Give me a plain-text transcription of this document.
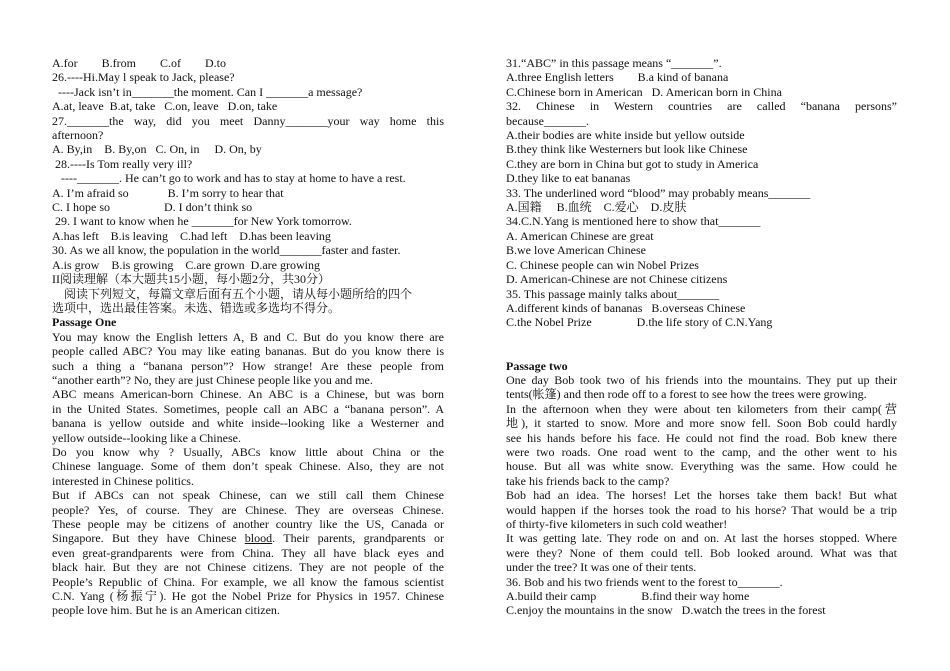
A.for        B.from        C.of        D.to

26.----Hi.May l speak to Jack, please?

----Jack isn’t in_______the moment. Can I _______a message?

A.at, leave  B.at, take   C.on, leave   D.on, take

27._______the way, did you meet Danny_______your way home this

afternoon?

A. By,in    B. By,on   C. On, in     D. On, by

28.----Is Tom really very ill?

----_______. He can’t go to work and has to stay at home to have a rest.

A. I’m afraid so             B. I’m sorry to hear that

C. I hope so                  D. I don’t think so

29. I want to know when he _______for New York tomorrow.

A.has left    B.is leaving    C.had left    D.has been leaving

30. As we all know, the population in the world_______faster and faster.

A.is grow    B.is growing    C.are grown  D.are growing

II阅读理解（本大题共15小题，每小题2分，共30分）

阅读下列短文，每篇文章后面有五个小题，请从每小题所给的四个

选项中，选出最佳答案。未选、错选或多选均不得分。

Passage One

You may know the English letters A, B and C. But do you know there are

people called ABC? You may like eating bananas. But do you know there is

such a thing a “banana person”? How strange! Are these people from

“another earth”? No, they are just Chinese people like you and me.

ABC means American-born Chinese. An ABC is a Chinese, but was born

in the United States. Sometimes, people call an ABC a “banana person”. A

banana is yellow outside and white inside--looking like a Westerner and

yellow outside--looking like a Chinese.

Do you know why ? Usually, ABCs know little about China or the

Chinese language. Some of them don’t speak Chinese. Also, they are not

interested in Chinese politics.

But if ABCs can not speak Chinese, can we still call them Chinese

people? Yes, of course. They are Chinese. They are overseas Chinese.

These people may be citizens of another country like the US, Canada or

Singapore. But they have Chinese blood. Their parents, grandparents or

even great-grandparents were from China. They all have black eyes and

black hair. But they are not Chinese citizens. They are not people of the

People’s Republic of China. For example, we all know the famous scientist

C.N. Yang (杨振宁). He got the Nobel Prize for Physics in 1957. Chinese

people love him. But he is an American citizen.

31.“ABC” in this passage means “_______”.

A.three English letters        B.a kind of banana

C.Chinese born in American   D. American born in China

32. Chinese in Western countries are called “banana persons”

because_______.

A.their bodies are white inside but yellow outside

B.they think like Westerners but look like Chinese

C.they are born in China but got to study in America

D.they like to eat bananas

33. The underlined word “blood” may probably means_______

A.国籍     B.血统    C.爱心    D.皮肤

34.C.N.Yang is mentioned here to show that_______

A. American Chinese are great

B.we love American Chinese

C. Chinese people can win Nobel Prizes

D. American-Chinese are not Chinese citizens

35. This passage mainly talks about_______

A.different kinds of bananas   B.overseas Chinese

C.the Nobel Prize               D.the life story of C.N.Yang

Passage two

One day Bob took two of his friends into the mountains. They put up their

tents(帐篷) and then rode off to a forest to see how the trees were growing.

In the afternoon when they were about ten kilometers from their camp(营

地), it started to snow. More and more snow fell. Soon Bob could hardly

see his hands before his face. He could not find the road. Bob knew there

were two roads. One road went to the camp, and the other went to his

house. But all was white snow. Everything was the same. How could he

take his friends back to the camp?

Bob had an idea. The horses! Let the horses take them back! But what

would happen if the horses took the road to his horse? That would be a trip

of thirty-five kilometers in such cold weather!

It was getting late. They rode on and on. At last the horses stopped. Where

were they? None of them could tell. Bob looked around. What was that

under the tree? It was one of their tents.

36. Bob and his two friends went to the forest to_______.

A.build their camp               B.find their way home

C.enjoy the mountains in the snow   D.watch the trees in the forest
